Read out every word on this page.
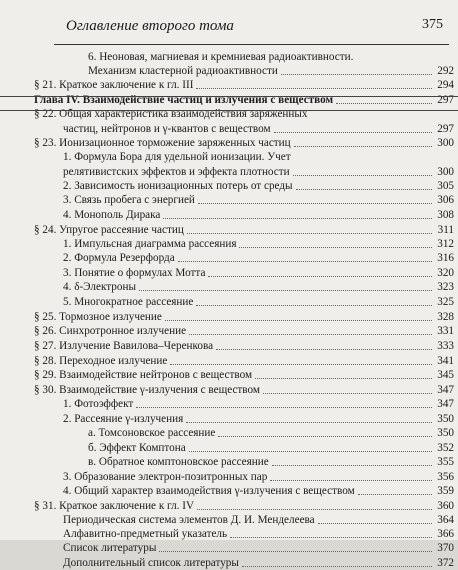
Оглавление второго тома	375
6. Неоновая, магниевая и кремниевая радиоактивности.
Механизм кластерной радиоактивности	292
§ 21. Краткое заключение к гл. III	294
Глава IV. Взаимодействие частиц и излучения с веществом	297
§ 22. Общая характеристика взаимодействия заряженных
частиц, нейтронов и γ-квантов с веществом	297
§ 23. Ионизационное торможение заряженных частиц	300
1. Формула Бора для удельной ионизации. Учет
релятивистских эффектов и эффекта плотности	300
2. Зависимость ионизационных потерь от среды	305
3. Связь пробега с энергией	306
4. Монополь Дирака	308
§ 24. Упругое рассеяние частиц	311
1. Импульсная диаграмма рассеяния	312
2. Формула Резерфорда	316
3. Понятие о формулах Мотта	320
4. δ-Электроны	323
5. Многократное рассеяние	325
§ 25. Тормозное излучение	328
§ 26. Синхротронное излучение	331
§ 27. Излучение Вавилова–Черенкова	333
§ 28. Переходное излучение	341
§ 29. Взаимодействие нейтронов с веществом	345
§ 30. Взаимодействие γ-излучения с веществом	347
1. Фотоэффект	347
2. Рассеяние γ-излучения	350
а. Томсоновское рассеяние	350
б. Эффект Комптона	352
в. Обратное комптоновское рассеяние	355
3. Образование электрон-позитронных пар	356
4. Общий характер взаимодействия γ-излучения с веществом	359
§ 31. Краткое заключение к гл. IV	360
Периодическая система элементов Д. И. Менделеева	364
Алфавитно-предметный указатель	366
Список литературы	370
Дополнительный список литературы	372
